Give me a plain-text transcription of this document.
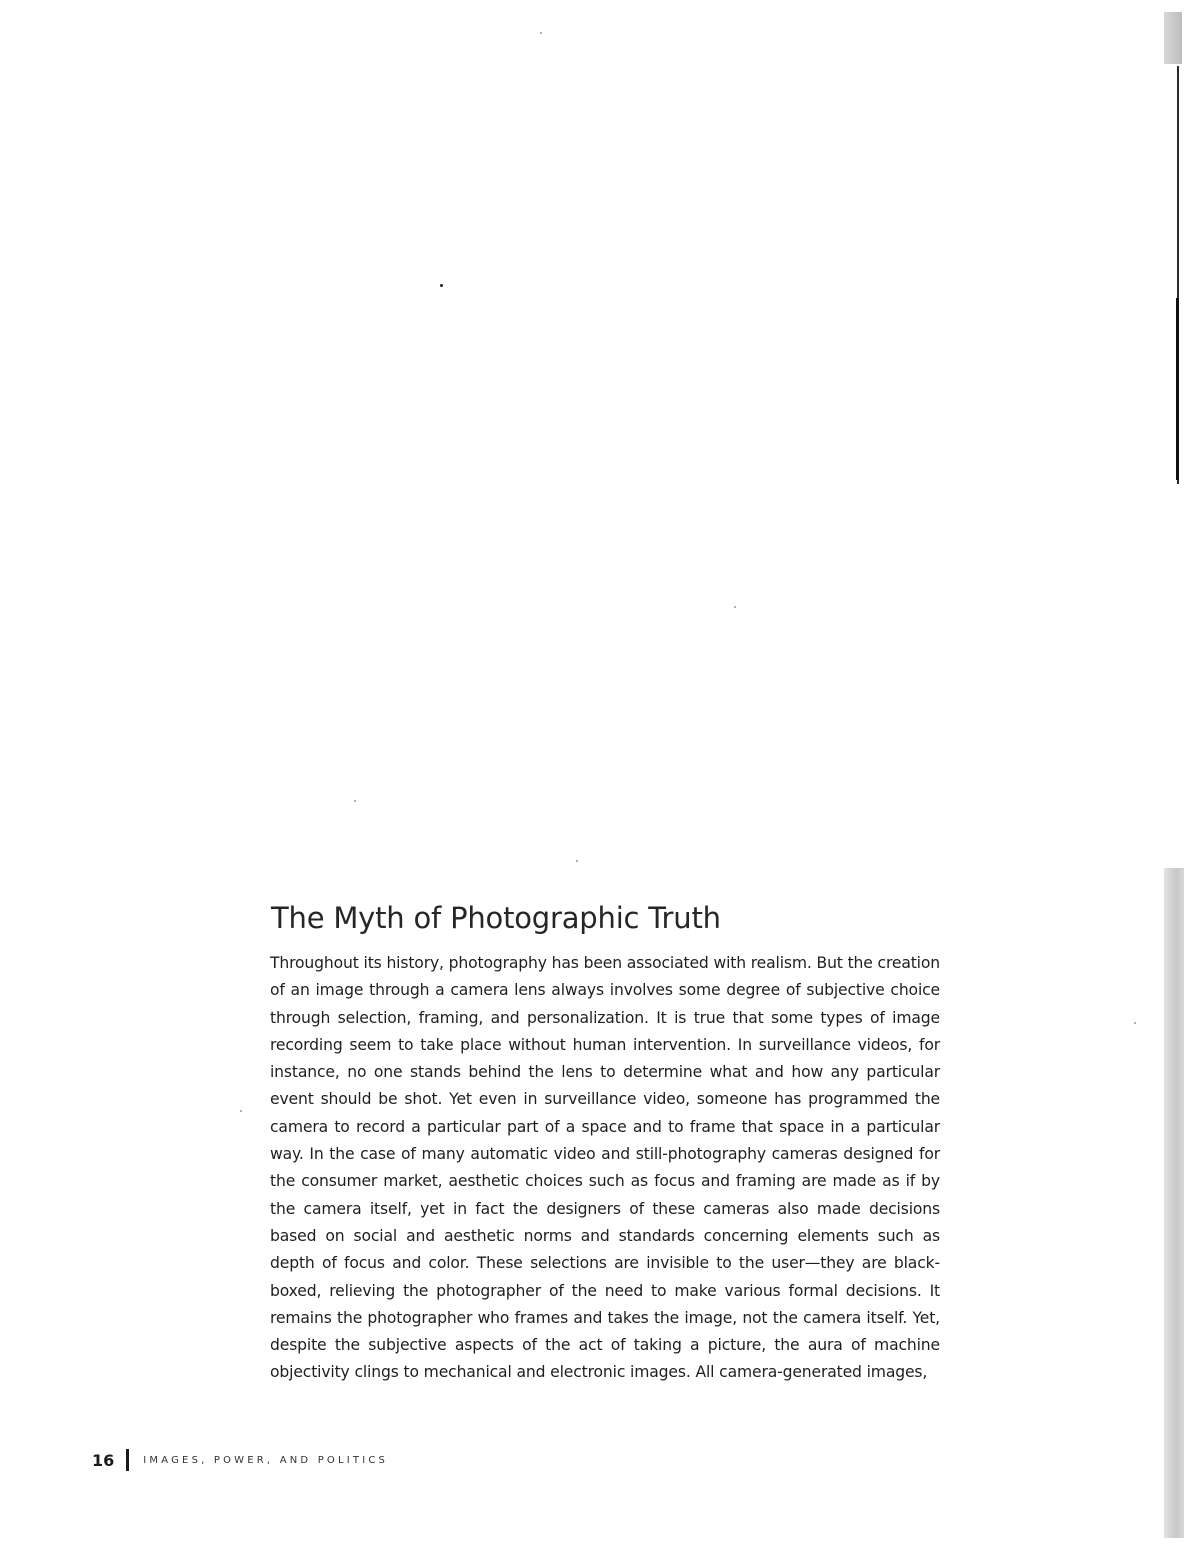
The Myth of Photographic Truth

Throughout its history, photography has been associated with realism. But the creation of an image through a camera lens always involves some degree of subjective choice through selection, framing, and personalization. It is true that some types of image recording seem to take place without human intervention. In surveillance videos, for instance, no one stands behind the lens to determine what and how any particular event should be shot. Yet even in surveillance video, someone has programmed the camera to record a particular part of a space and to frame that space in a particular way. In the case of many automatic video and still-photography cameras designed for the consumer market, aesthetic choices such as focus and framing are made as if by the camera itself, yet in fact the designers of these cameras also made decisions based on social and aesthetic norms and standards concerning elements such as depth of focus and color. These selections are invisible to the user—they are black-boxed, relieving the photographer of the need to make various formal decisions. It remains the photographer who frames and takes the image, not the camera itself. Yet, despite the subjective aspects of the act of taking a picture, the aura of machine objectivity clings to mechanical and electronic images. All camera-generated images,

16	IMAGES, POWER, AND POLITICS
